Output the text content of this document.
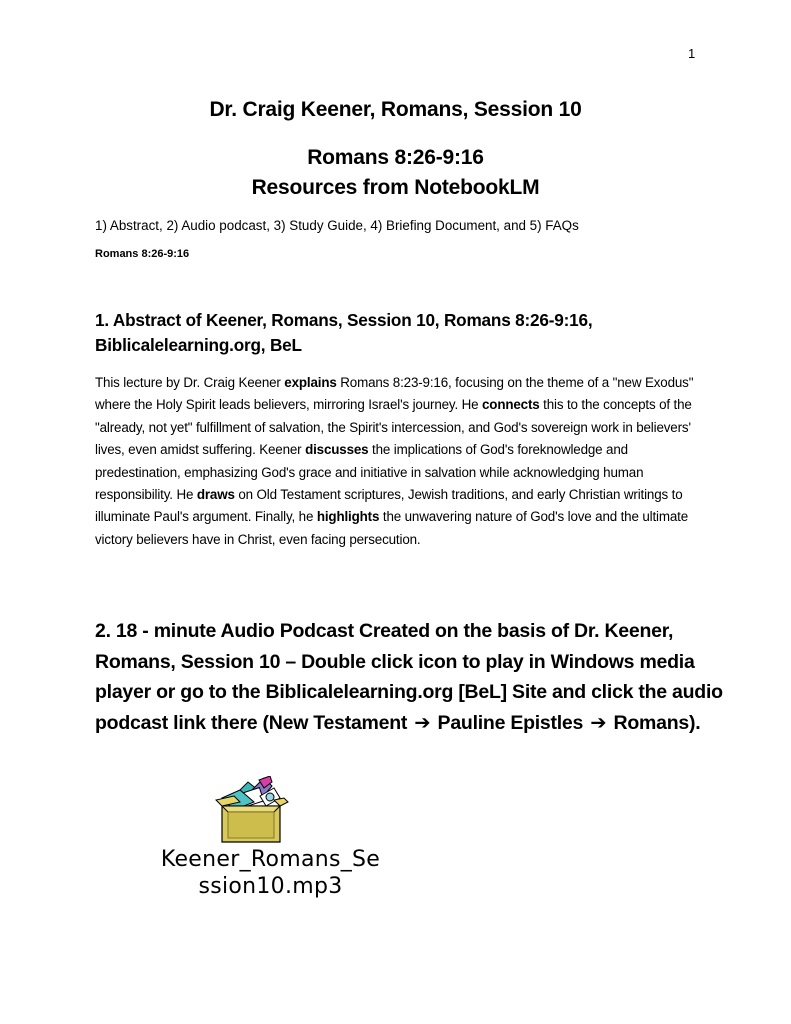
1
Dr. Craig Keener, Romans, Session 10
Romans 8:26-9:16
Resources from NotebookLM
1) Abstract, 2) Audio podcast, 3) Study Guide, 4) Briefing Document, and 5) FAQs
Romans 8:26-9:16
1. Abstract of Keener, Romans, Session 10, Romans 8:26-9:16, Biblicalelearning.org, BeL
This lecture by Dr. Craig Keener explains Romans 8:23-9:16, focusing on the theme of a "new Exodus" where the Holy Spirit leads believers, mirroring Israel's journey. He connects this to the concepts of the "already, not yet" fulfillment of salvation, the Spirit's intercession, and God's sovereign work in believers' lives, even amidst suffering. Keener discusses the implications of God's foreknowledge and predestination, emphasizing God's grace and initiative in salvation while acknowledging human responsibility. He draws on Old Testament scriptures, Jewish traditions, and early Christian writings to illuminate Paul's argument. Finally, he highlights the unwavering nature of God's love and the ultimate victory believers have in Christ, even facing persecution.
2. 18 - minute Audio Podcast Created on the basis of Dr. Keener, Romans, Session 10 – Double click icon to play in Windows media player or go to the Biblicalelearning.org [BeL] Site and click the audio podcast link there (New Testament ➔ Pauline Epistles ➔ Romans).
Keener_Romans_Se
ssion10.mp3
